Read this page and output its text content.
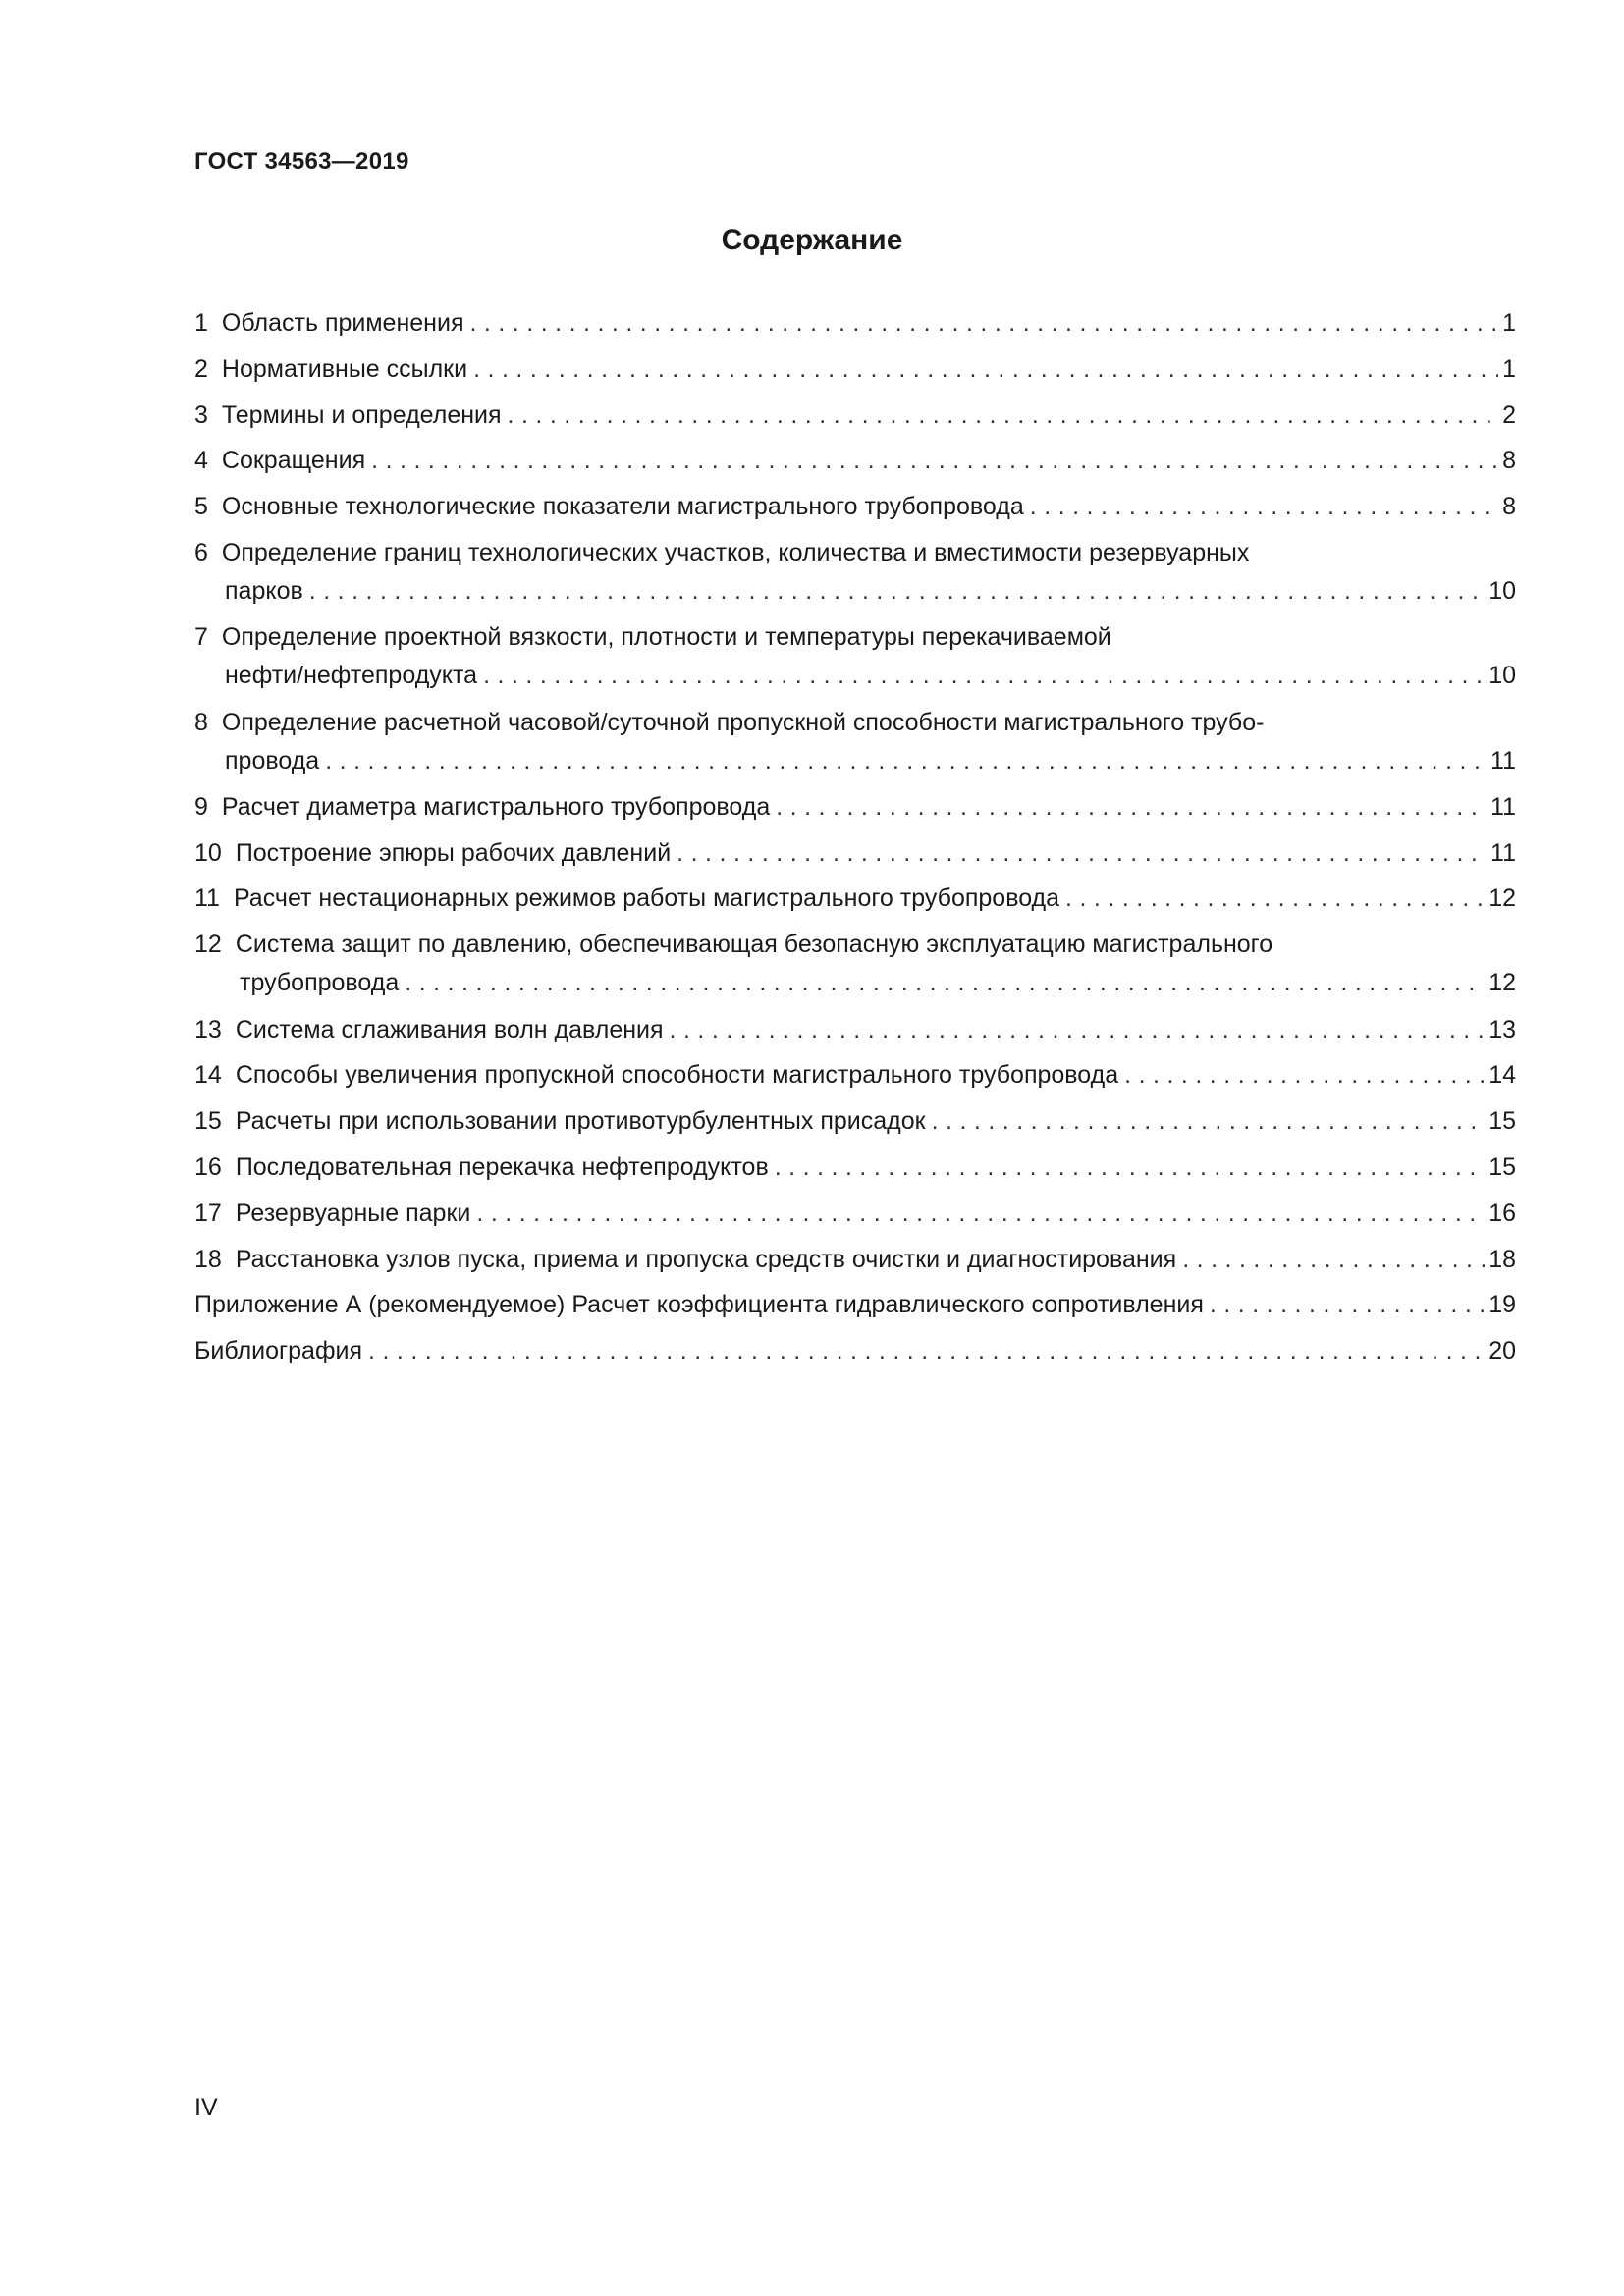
ГОСТ 34563—2019
Содержание
1 Область применения . . .	1
2 Нормативные ссылки . . .	1
3 Термины и определения . . .	2
4 Сокращения . . .	8
5 Основные технологические показатели магистрального трубопровода . . .	8
6 Определение границ технологических участков, количества и вместимости резервуарных
парков . . .	10
7 Определение проектной вязкости, плотности и температуры перекачиваемой
нефти/нефтепродукта . . .	10
8 Определение расчетной часовой/суточной пропускной способности магистрального трубо-
провода . . .	11
9 Расчет диаметра магистрального трубопровода . . .	11
10 Построение эпюры рабочих давлений . . .	11
11 Расчет нестационарных режимов работы магистрального трубопровода . . .	12
12 Система защит по давлению, обеспечивающая безопасную эксплуатацию магистрального
трубопровода . . .	12
13 Система сглаживания волн давления . . .	13
14 Способы увеличения пропускной способности магистрального трубопровода . . .	14
15 Расчеты при использовании противотурбулентных присадок . . .	15
16 Последовательная перекачка нефтепродуктов . . .	15
17 Резервуарные парки . . .	16
18 Расстановка узлов пуска, приема и пропуска средств очистки и диагностирования . . .	18
Приложение А (рекомендуемое) Расчет коэффициента гидравлического сопротивления . . .	19
Библиография . . .	20
IV
